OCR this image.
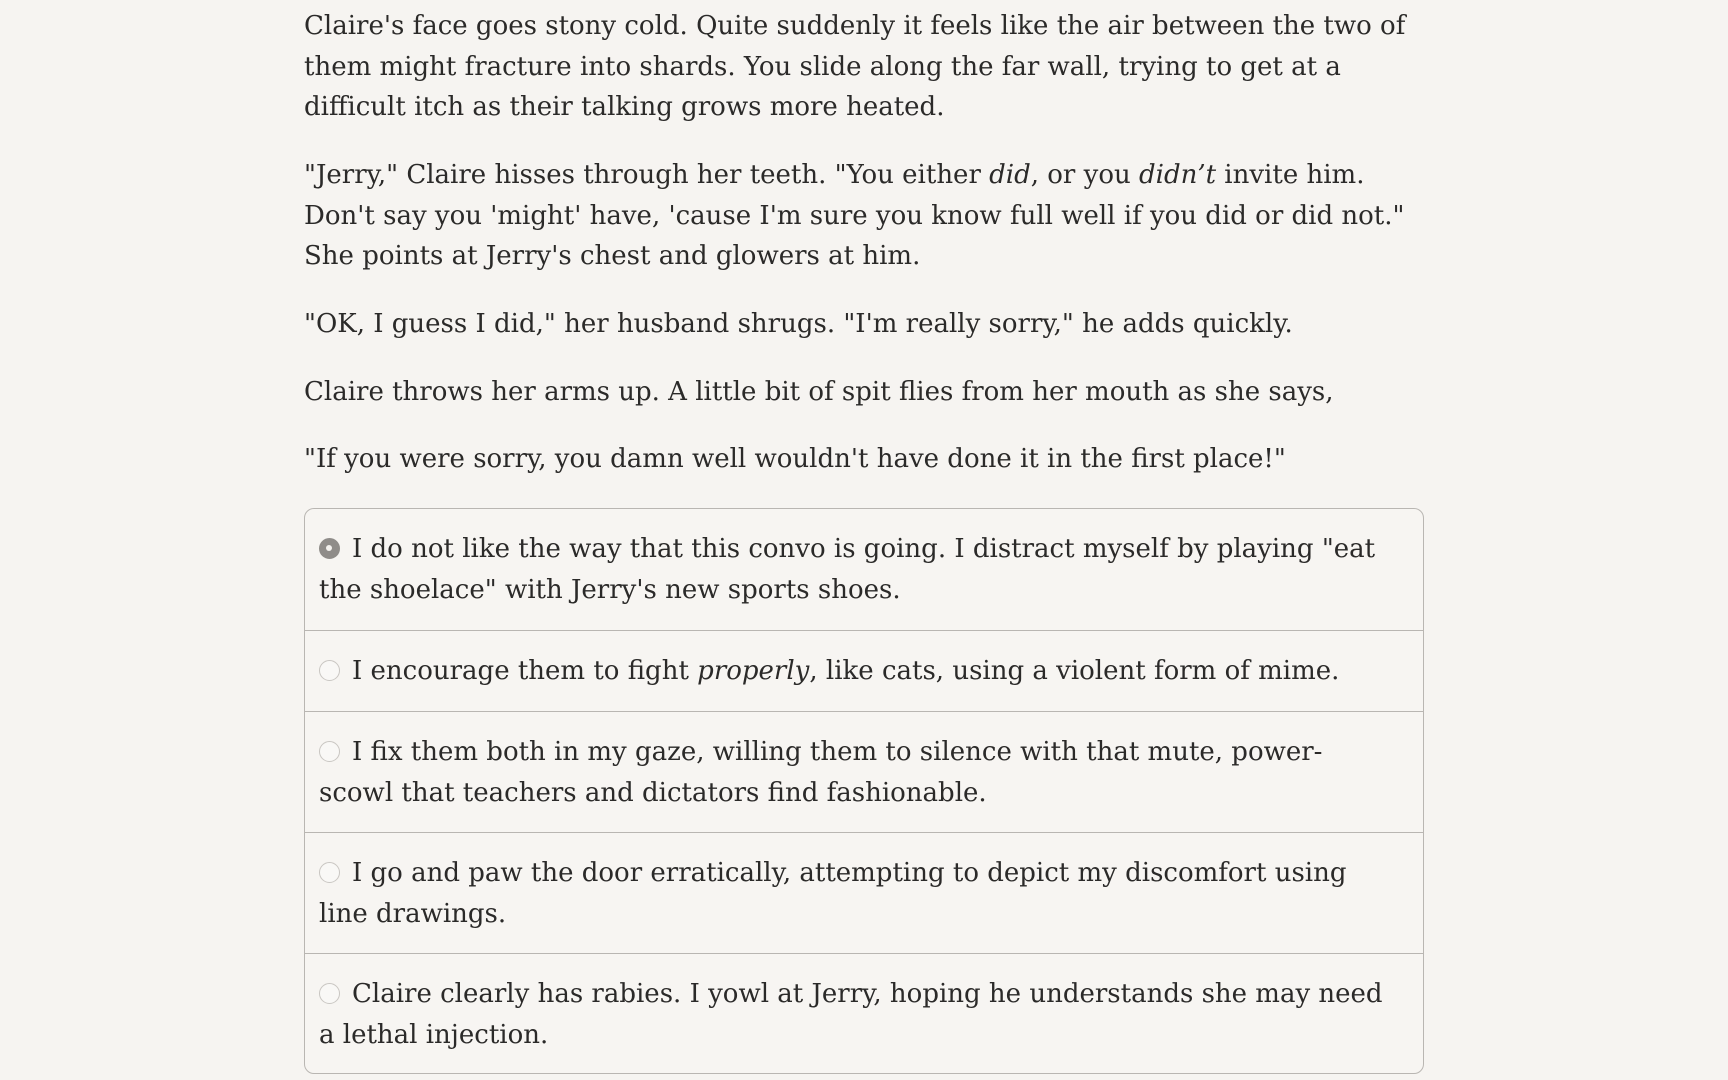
Claire's face goes stony cold. Quite suddenly it feels like the air between the two of them might fracture into shards. You slide along the far wall, trying to get at a difficult itch as their talking grows more heated.

"Jerry," Claire hisses through her teeth. "You either did, or you didn’t invite him. Don't say you 'might' have, 'cause I'm sure you know full well if you did or did not." She points at Jerry's chest and glowers at him.

"OK, I guess I did," her husband shrugs. "I'm really sorry," he adds quickly.

Claire throws her arms up. A little bit of spit flies from her mouth as she says,

"If you were sorry, you damn well wouldn't have done it in the first place!"

I do not like the way that this convo is going. I distract myself by playing "eat the shoelace" with Jerry's new sports shoes.
I encourage them to fight properly, like cats, using a violent form of mime.
I fix them both in my gaze, willing them to silence with that mute, power-scowl that teachers and dictators find fashionable.
I go and paw the door erratically, attempting to depict my discomfort using line drawings.
Claire clearly has rabies. I yowl at Jerry, hoping he understands she may need a lethal injection.
